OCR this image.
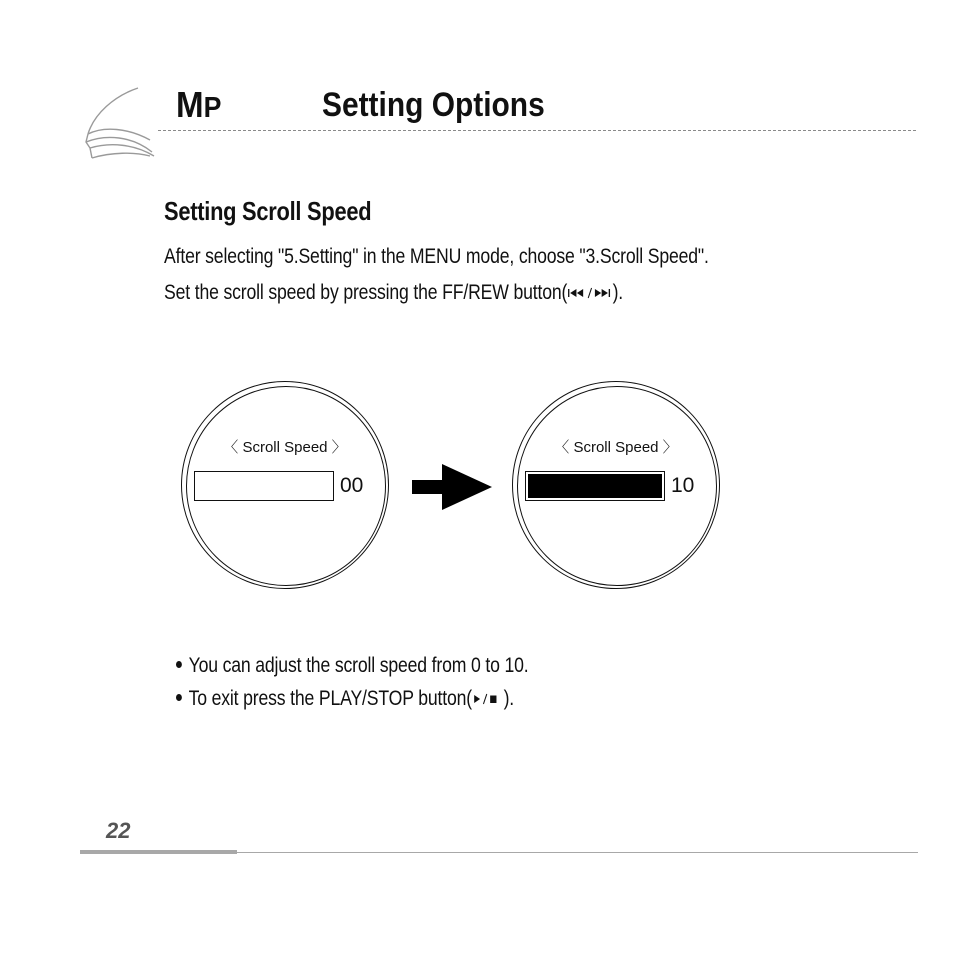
MP	Setting Options
Setting Scroll Speed
After selecting "5.Setting" in the MENU mode, choose "3.Scroll Speed".
Set the scroll speed by pressing the FF/REW button( ).
〈 Scroll Speed 〉
00
〈 Scroll Speed 〉
10
You can adjust the scroll speed from 0 to 10.
To exit press the PLAY/STOP button( ).
22
